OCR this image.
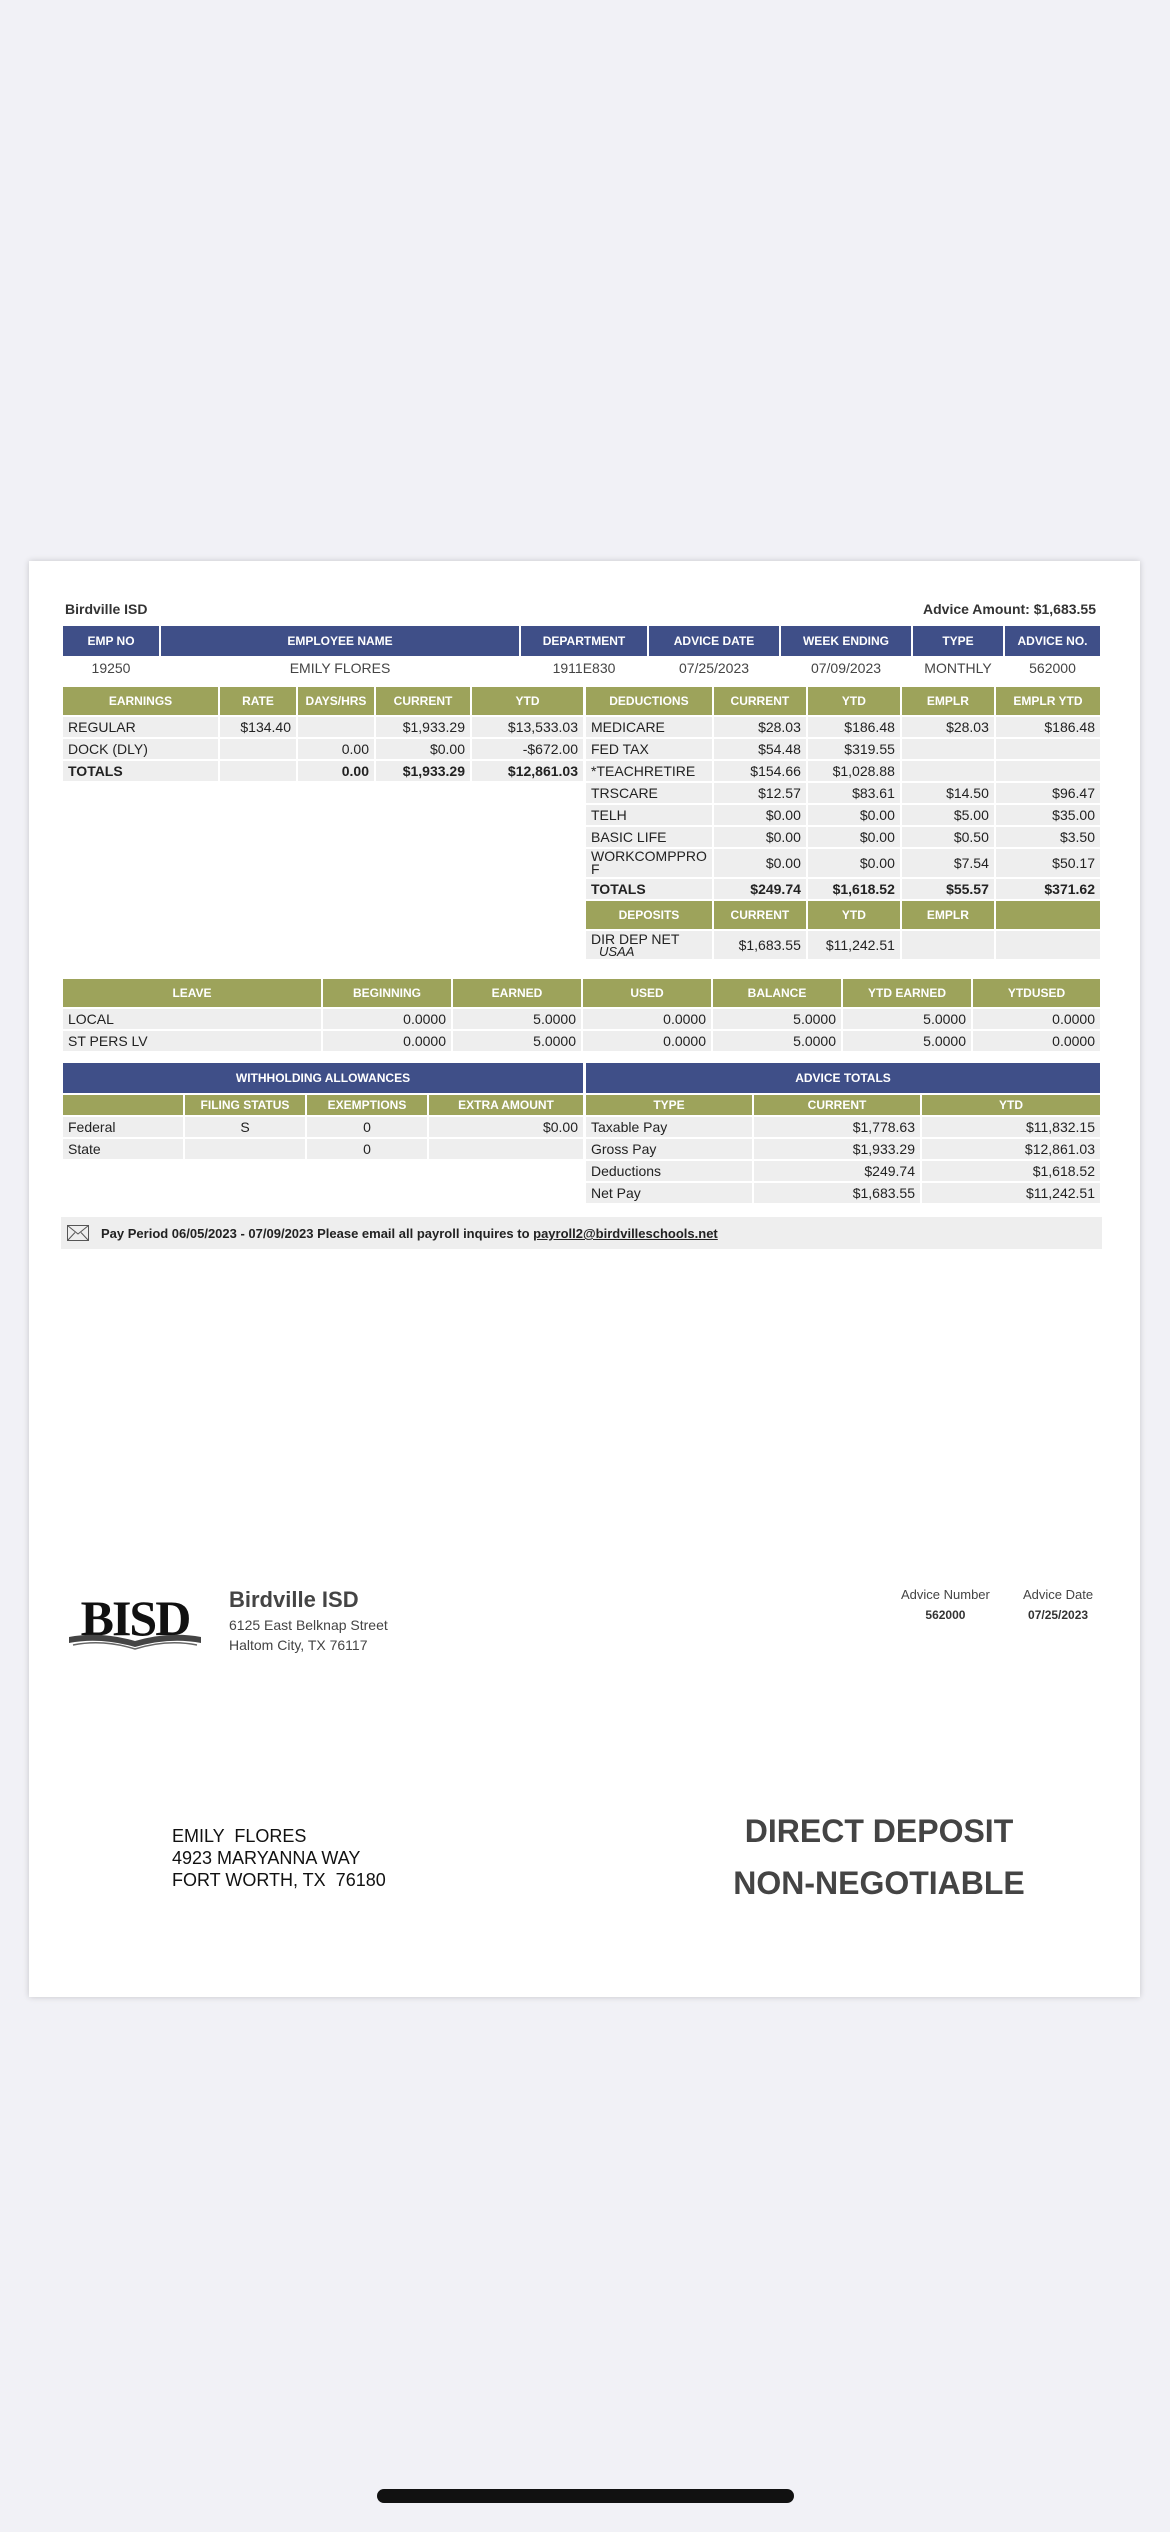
Birdville ISD	Advice Amount: $1,683.55
EMP NO	EMPLOYEE NAME	DEPARTMENT	ADVICE DATE	WEEK ENDING	TYPE	ADVICE NO.
19250	EMILY FLORES	1911E830	07/25/2023	07/09/2023	MONTHLY	562000
EARNINGS	RATE	DAYS/HRS	CURRENT	YTD
REGULAR	$134.40		$1,933.29	$13,533.03
DOCK (DLY)		0.00	$0.00	-$672.00
TOTALS		0.00	$1,933.29	$12,861.03
DEDUCTIONS	CURRENT	YTD	EMPLR	EMPLR YTD
MEDICARE	$28.03	$186.48	$28.03	$186.48
FED TAX	$54.48	$319.55		
*TEACHRETIRE	$154.66	$1,028.88		
TRSCARE	$12.57	$83.61	$14.50	$96.47
TELH	$0.00	$0.00	$5.00	$35.00
BASIC LIFE	$0.00	$0.00	$0.50	$3.50
WORKCOMPPRO
F	$0.00	$0.00	$7.54	$50.17
TOTALS	$249.74	$1,618.52	$55.57	$371.62
DEPOSITS	CURRENT	YTD	EMPLR	
DIR DEP NET
USAA	$1,683.55	$11,242.51		
LEAVE	BEGINNING	EARNED	USED	BALANCE	YTD EARNED	YTDUSED
LOCAL	0.0000	5.0000	0.0000	5.0000	5.0000	0.0000
ST PERS LV	0.0000	5.0000	0.0000	5.0000	5.0000	0.0000
WITHHOLDING ALLOWANCES			
	FILING STATUS	EXEMPTIONS	EXTRA AMOUNT
Federal	S	0	$0.00
State		0	
ADVICE TOTALS		
TYPE	CURRENT	YTD
Taxable Pay	$1,778.63	$11,832.15
Gross Pay	$1,933.29	$12,861.03
Deductions	$249.74	$1,618.52
Net Pay	$1,683.55	$11,242.51
Pay Period 06/05/2023 - 07/09/2023 Please email all payroll inquires to payroll2@birdvilleschools.net
BISD Birdville ISD
6125 East Belknap Street
Haltom City, TX 76117
Advice Number
562000
Advice Date
07/25/2023
EMILY  FLORES
4923 MARYANNA WAY
FORT WORTH, TX  76180
DIRECT DEPOSIT
NON-NEGOTIABLE
